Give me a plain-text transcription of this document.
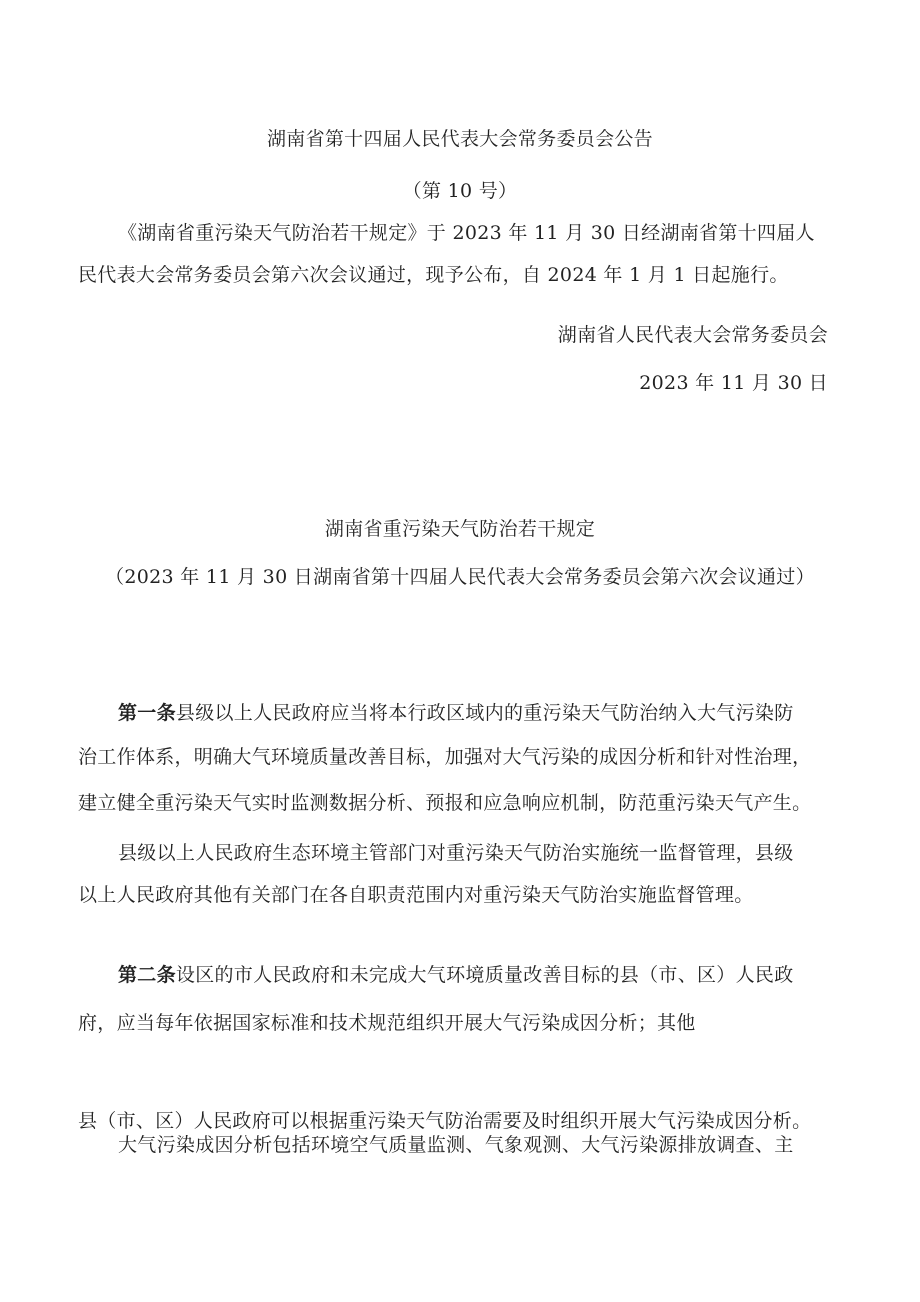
湖南省第十四届人民代表大会常务委员会公告
（第 10 号）
《湖南省重污染天气防治若干规定》于 2023 年 11 月 30 日经湖南省第十四届人
民代表大会常务委员会第六次会议通过，现予公布，自 2024 年 1 月 1 日起施行。
湖南省人民代表大会常务委员会
2023 年 11 月 30 日
湖南省重污染天气防治若干规定
（2023 年 11 月 30 日湖南省第十四届人民代表大会常务委员会第六次会议通过）
第一条县级以上人民政府应当将本行政区域内的重污染天气防治纳入大气污染防
治工作体系，明确大气环境质量改善目标，加强对大气污染的成因分析和针对性治理，
建立健全重污染天气实时监测数据分析、预报和应急响应机制，防范重污染天气产生。
县级以上人民政府生态环境主管部门对重污染天气防治实施统一监督管理，县级
以上人民政府其他有关部门在各自职责范围内对重污染天气防治实施监督管理。
第二条设区的市人民政府和未完成大气环境质量改善目标的县（市、区）人民政
府，应当每年依据国家标准和技术规范组织开展大气污染成因分析；其他
县（市、区）人民政府可以根据重污染天气防治需要及时组织开展大气污染成因分析。
大气污染成因分析包括环境空气质量监测、气象观测、大气污染源排放调查、主
